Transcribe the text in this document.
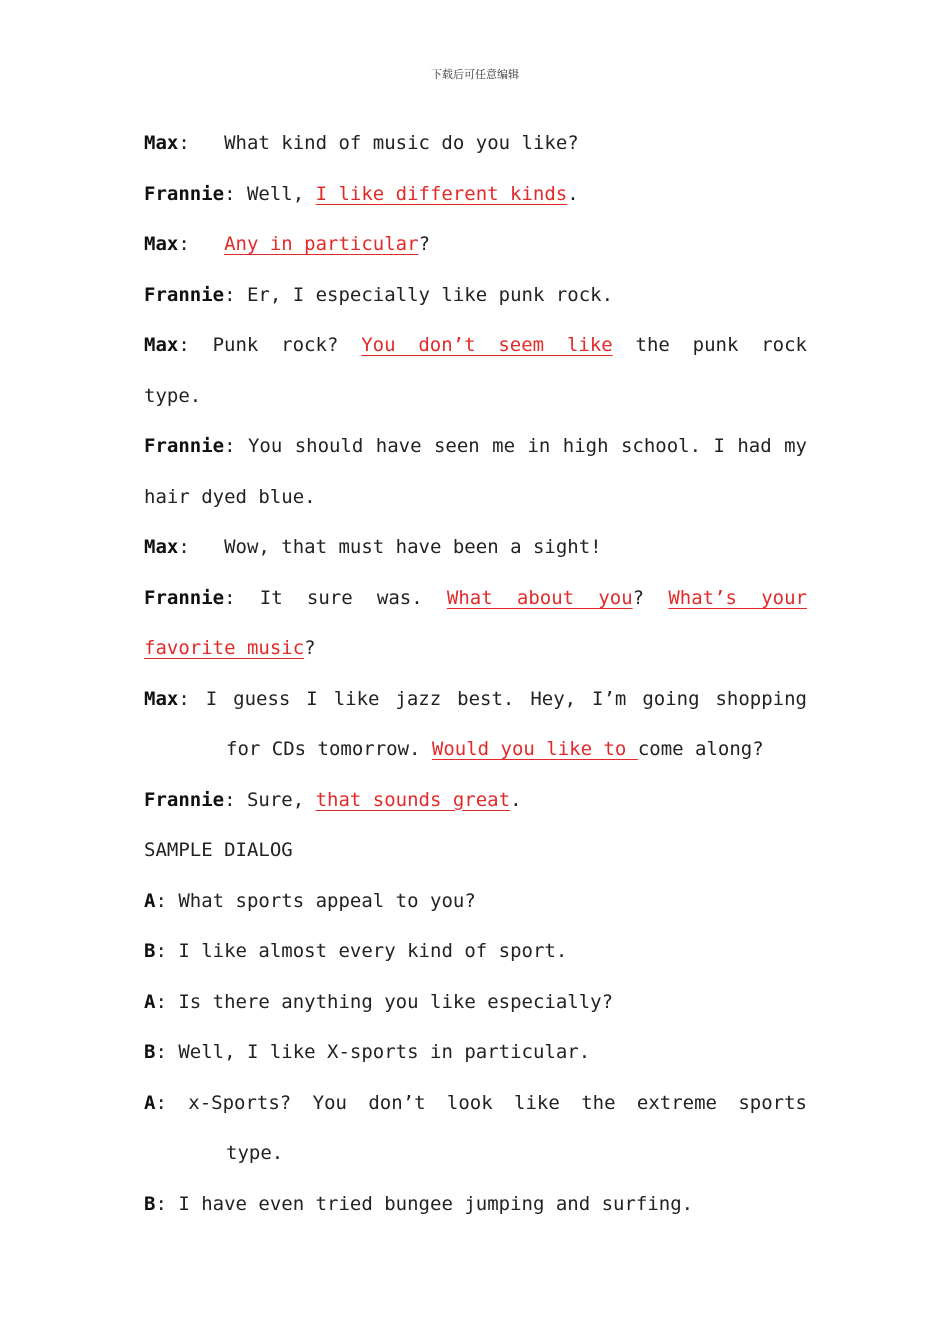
下载后可任意编辑
Max:   What kind of music do you like?
Frannie: Well, I like different kinds.
Max:   Any in particular?
Frannie: Er, I especially like punk rock.
Max: Punk rock? You don’t seem like the punk rock
type.
Frannie: You should have seen me in high school. I had my
hair dyed blue.
Max:   Wow, that must have been a sight!
Frannie: It sure was. What about you? What’s your
favorite music?
Max: I guess I like jazz best. Hey, I’m going shopping
for CDs tomorrow. Would you like to come along?
Frannie: Sure, that sounds great.
SAMPLE DIALOG
A: What sports appeal to you?
B: I like almost every kind of sport.
A: Is there anything you like especially?
B: Well, I like X-sports in particular.
A: x-Sports? You don’t look like the extreme sports
type.
B: I have even tried bungee jumping and surfing.
